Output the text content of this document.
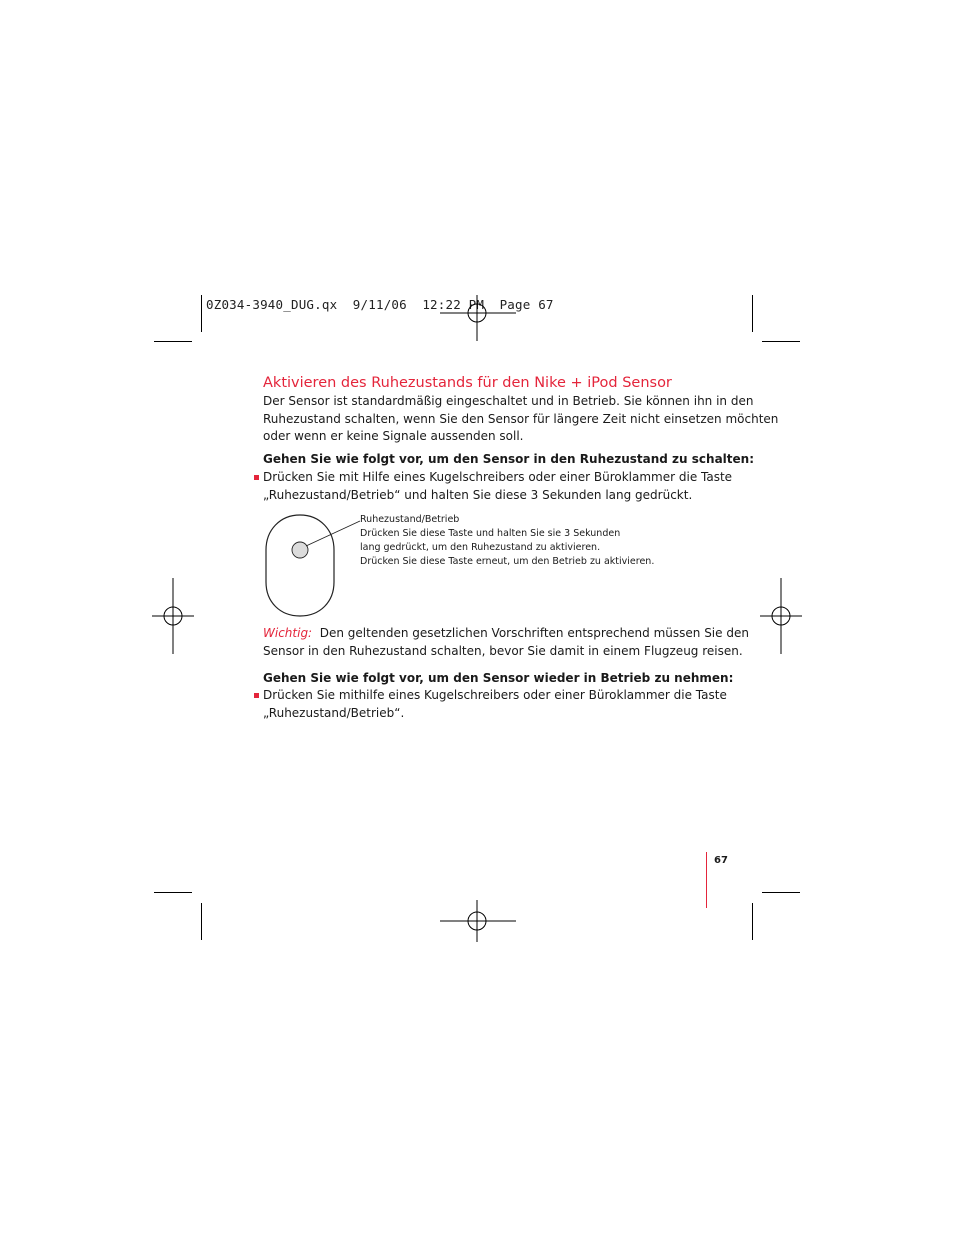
0Z034-3940_DUG.qx  9/11/06  12:22 PM  Page 67
Aktivieren des Ruhezustands für den Nike + iPod Sensor
Der Sensor ist standardmäßig eingeschaltet und in Betrieb. Sie können ihn in den
Ruhezustand schalten, wenn Sie den Sensor für längere Zeit nicht einsetzen möchten
oder wenn er keine Signale aussenden soll.
Gehen Sie wie folgt vor, um den Sensor in den Ruhezustand zu schalten:
Drücken Sie mit Hilfe eines Kugelschreibers oder einer Büroklammer die Taste
„Ruhezustand/Betrieb“ und halten Sie diese 3 Sekunden lang gedrückt.
Ruhezustand/Betrieb
Drücken Sie diese Taste und halten Sie sie 3 Sekunden
lang gedrückt, um den Ruhezustand zu aktivieren.
Drücken Sie diese Taste erneut, um den Betrieb zu aktivieren.
Wichtig: Den geltenden gesetzlichen Vorschriften entsprechend müssen Sie den
Sensor in den Ruhezustand schalten, bevor Sie damit in einem Flugzeug reisen.
Gehen Sie wie folgt vor, um den Sensor wieder in Betrieb zu nehmen:
Drücken Sie mithilfe eines Kugelschreibers oder einer Büroklammer die Taste
„Ruhezustand/Betrieb“.
67
